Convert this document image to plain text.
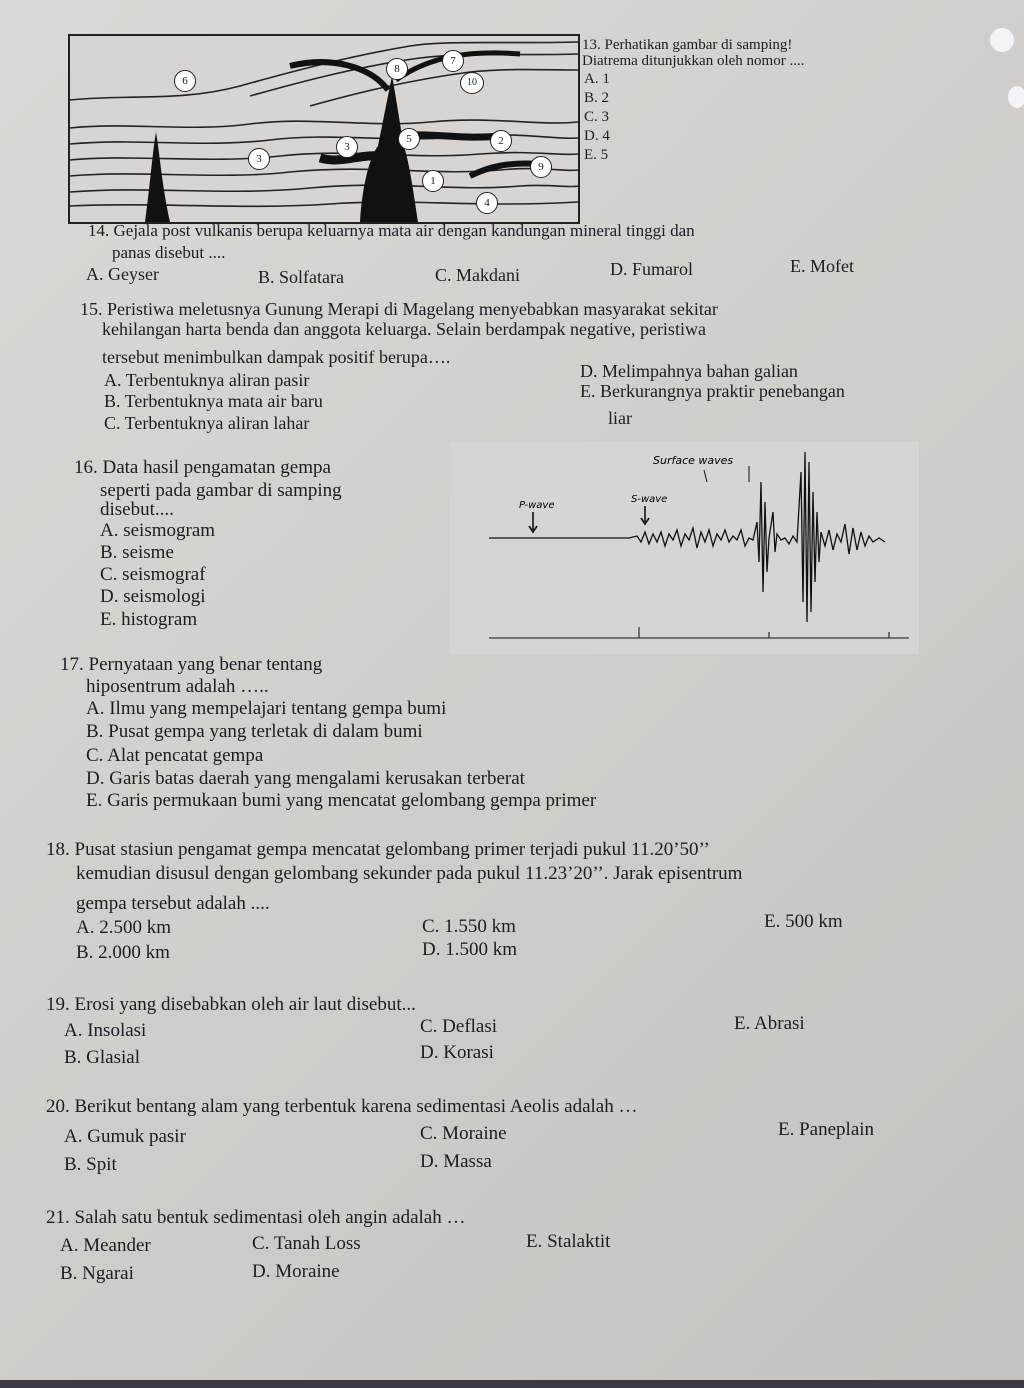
6
8
7
10
5	2
3
3
9
1
4
13. Perhatikan gambar di samping!
Diatrema ditunjukkan oleh nomor ....
A. 1
B. 2
C. 3
D. 4
E. 5
14. Gejala post vulkanis berupa keluarnya mata air dengan kandungan mineral tinggi dan
panas disebut ....
A. Geyser	B. Solfatara	C. Makdani	D. Fumarol	E. Mofet
15. Peristiwa meletusnya Gunung Merapi di Magelang menyebabkan masyarakat sekitar
kehilangan harta benda dan anggota keluarga. Selain berdampak negative, peristiwa
tersebut menimbulkan dampak positif berupa….
A. Terbentuknya aliran pasir
B. Terbentuknya mata air baru
C. Terbentuknya aliran lahar
D. Melimpahnya bahan galian
E. Berkurangnya praktir penebangan
liar
16. Data hasil pengamatan gempa
seperti pada gambar di samping
disebut....
A. seismogram
B. seisme
C. seismograf
D. seismologi
E. histogram
Surface waves
P-wave
S-wave
17. Pernyataan yang benar tentang
hiposentrum adalah …..
A. Ilmu yang mempelajari tentang gempa bumi
B. Pusat gempa yang terletak di dalam bumi
C. Alat pencatat gempa
D. Garis batas daerah yang mengalami kerusakan terberat
E. Garis permukaan bumi yang mencatat gelombang gempa primer
18. Pusat stasiun pengamat gempa mencatat gelombang primer terjadi pukul 11.20’50’’
kemudian disusul dengan gelombang sekunder pada pukul 11.23’20’’. Jarak episentrum
gempa tersebut adalah ....
A. 2.500 km
B. 2.000 km
C. 1.550 km
D. 1.500 km
E. 500 km
19. Erosi yang disebabkan oleh air laut disebut...
A. Insolasi
B. Glasial
C. Deflasi
D. Korasi
E. Abrasi
20. Berikut bentang alam yang terbentuk karena sedimentasi Aeolis adalah …
A. Gumuk pasir
B. Spit
C. Moraine
D. Massa
E. Paneplain
21. Salah satu bentuk sedimentasi oleh angin adalah …
A. Meander
B. Ngarai
C. Tanah Loss
D. Moraine
E. Stalaktit
